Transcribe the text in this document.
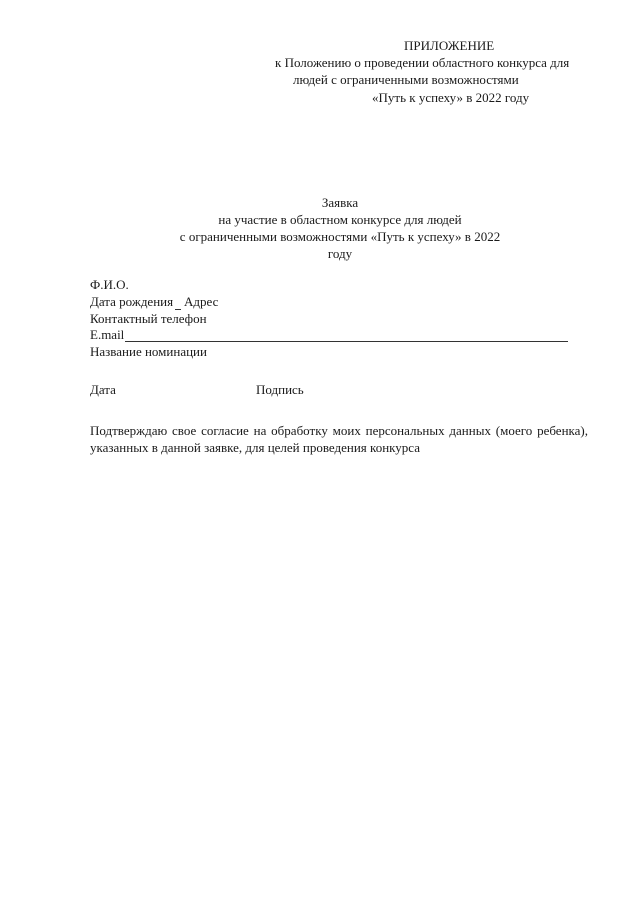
ПРИЛОЖЕНИЕ
к Положению о проведении областного конкурса для
людей с ограниченными возможностями
«Путь к успеху» в 2022 году
Заявка
на участие в областном конкурсе для людей
с ограниченными возможностями «Путь к успеху» в 2022
году
Ф.И.О.
Дата рождения Адрес
Контактный телефон
E.mail
Название номинации
Дата	Подпись
Подтверждаю свое согласие на обработку моих персональных данных (моего ребенка),
указанных в данной заявке, для целей проведения конкурса
